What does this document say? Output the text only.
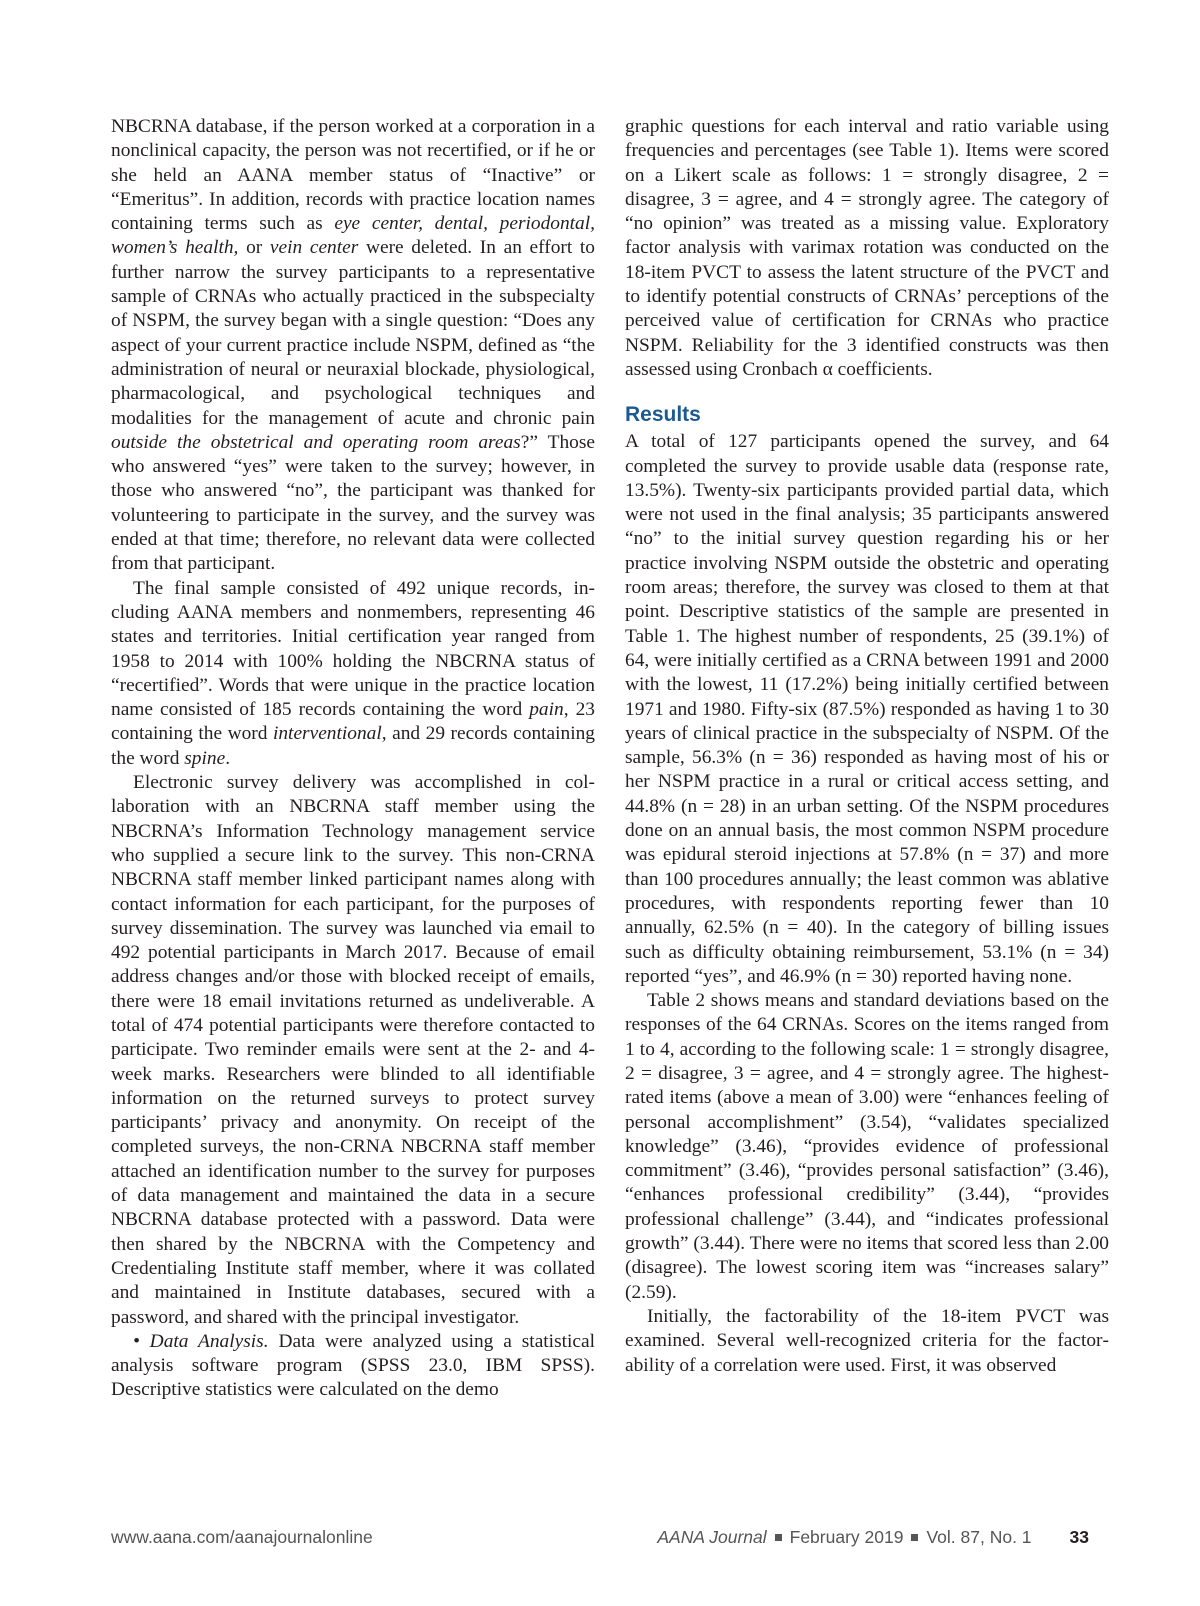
NBCRNA database, if the person worked at a corporation in a nonclinical capacity, the person was not recertified, or if he or she held an AANA member status of “Inactive” or “Emeritus”. In addition, records with practice location names containing terms such as eye center, dental, periodontal, women’s health, or vein center were deleted. In an effort to further narrow the survey participants to a representative sample of CRNAs who actually practiced in the subspecialty of NSPM, the survey began with a single question: “Does any aspect of your current practice include NSPM, defined as “the administration of neural or neuraxial blockade, physiological, pharmacological, and psychological techniques and modalities for the management of acute and chronic pain outside the obstetrical and operating room areas?” Those who answered “yes” were taken to the survey; however, in those who answered “no”, the participant was thanked for volunteering to participate in the survey, and the survey was ended at that time; therefore, no relevant data were collected from that participant.

The final sample consisted of 492 unique records, including AANA members and nonmembers, representing 46 states and territories. Initial certification year ranged from 1958 to 2014 with 100% holding the NBCRNA status of “recertified”. Words that were unique in the practice location name consisted of 185 records containing the word pain, 23 containing the word interventional, and 29 records containing the word spine.

Electronic survey delivery was accomplished in collaboration with an NBCRNA staff member using the NBCRNA’s Information Technology management service who supplied a secure link to the survey. This non-CRNA NBCRNA staff member linked participant names along with contact information for each participant, for the purposes of survey dissemination. The survey was launched via email to 492 potential participants in March 2017. Because of email address changes and/or those with blocked receipt of emails, there were 18 email invitations returned as undeliverable. A total of 474 potential participants were therefore contacted to participate. Two reminder emails were sent at the 2- and 4-week marks. Researchers were blinded to all identifiable information on the returned surveys to protect survey participants’ privacy and anonymity. On receipt of the completed surveys, the non-CRNA NBCRNA staff member attached an identification number to the survey for purposes of data management and maintained the data in a secure NBCRNA database protected with a password. Data were then shared by the NBCRNA with the Competency and Credentialing Institute staff member, where it was collated and maintained in Institute databases, secured with a password, and shared with the principal investigator.

• Data Analysis. Data were analyzed using a statistical analysis software program (SPSS 23.0, IBM SPSS). Descriptive statistics were calculated on the demo

graphic questions for each interval and ratio variable using frequencies and percentages (see Table 1). Items were scored on a Likert scale as follows: 1 = strongly disagree, 2 = disagree, 3 = agree, and 4 = strongly agree. The category of “no opinion” was treated as a missing value. Exploratory factor analysis with varimax rotation was conducted on the 18-item PVCT to assess the latent structure of the PVCT and to identify potential constructs of CRNAs’ perceptions of the perceived value of certification for CRNAs who practice NSPM. Reliability for the 3 identified constructs was then assessed using Cronbach α coefficients.

Results

A total of 127 participants opened the survey, and 64 completed the survey to provide usable data (response rate, 13.5%). Twenty-six participants provided partial data, which were not used in the final analysis; 35 participants answered “no” to the initial survey question regarding his or her practice involving NSPM outside the obstetric and operating room areas; therefore, the survey was closed to them at that point. Descriptive statistics of the sample are presented in Table 1. The highest number of respondents, 25 (39.1%) of 64, were initially certified as a CRNA between 1991 and 2000 with the lowest, 11 (17.2%) being initially certified between 1971 and 1980. Fifty-six (87.5%) responded as having 1 to 30 years of clinical practice in the subspecialty of NSPM. Of the sample, 56.3% (n = 36) responded as having most of his or her NSPM practice in a rural or critical access setting, and 44.8% (n = 28) in an urban setting. Of the NSPM procedures done on an annual basis, the most common NSPM procedure was epidural steroid injections at 57.8% (n = 37) and more than 100 procedures annually; the least common was ablative procedures, with respondents reporting fewer than 10 annually, 62.5% (n = 40). In the category of billing issues such as difficulty obtaining reimbursement, 53.1% (n = 34) reported “yes”, and 46.9% (n = 30) reported having none.

Table 2 shows means and standard deviations based on the responses of the 64 CRNAs. Scores on the items ranged from 1 to 4, according to the following scale: 1 = strongly disagree, 2 = disagree, 3 = agree, and 4 = strongly agree. The highest-rated items (above a mean of 3.00) were “enhances feeling of personal accomplishment” (3.54), “validates specialized knowledge” (3.46), “provides evidence of professional commitment” (3.46), “provides personal satisfaction” (3.46), “enhances professional credibility” (3.44), “provides professional challenge” (3.44), and “indicates professional growth” (3.44). There were no items that scored less than 2.00 (disagree). The lowest scoring item was “increases salary” (2.59).

Initially, the factorability of the 18-item PVCT was examined. Several well-recognized criteria for the factorability of a correlation were used. First, it was observed

www.aana.com/aanajournalonline	AANA Journal February 2019 Vol. 87, No. 1 33
